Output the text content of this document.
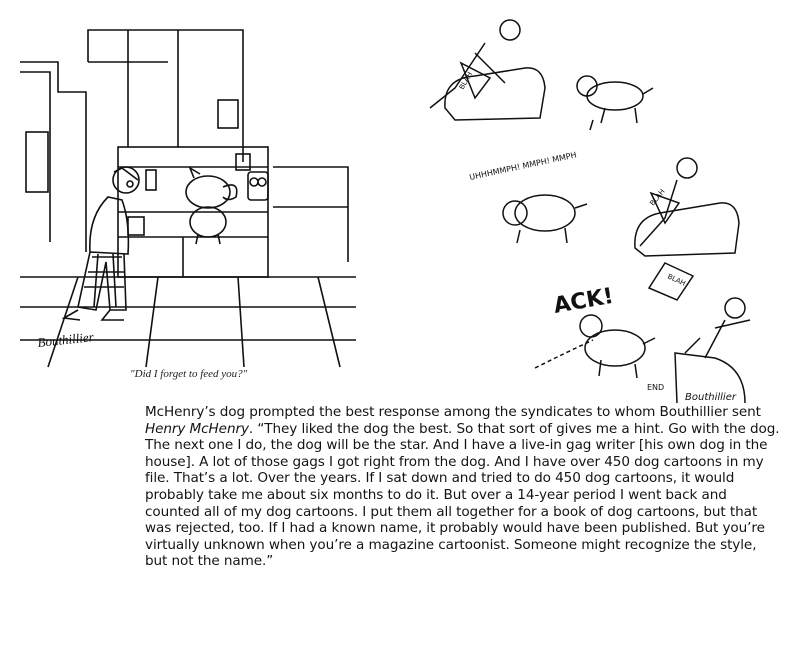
Bouthillier
"Did I forget to feed you?"
BLAH
UHHHMMPH! MMPH! MMPH
BLAH
ACK!
BLAH
END
Bouthillier

McHenry’s dog prompted the best response among the syndicates to whom Bouthillier sent Henry McHenry. “They liked the dog the best. So that sort of gives me a hint. Go with the dog. The next one I do, the dog will be the star. And I have a live-in gag writer [his own dog in the house]. A lot of those gags I got right from the dog. And I have over 450 dog cartoons in my file. That’s a lot. Over the years. If I sat down and tried to do 450 dog cartoons, it would probably take me about six months to do it. But over a 14-year period I went back and counted all of my dog cartoons. I put them all together for a book of dog cartoons, but that was rejected, too. If I had a known name, it probably would have been published. But you’re virtually unknown when you’re a magazine cartoonist. Someone might recognize the style, but not the name.”
